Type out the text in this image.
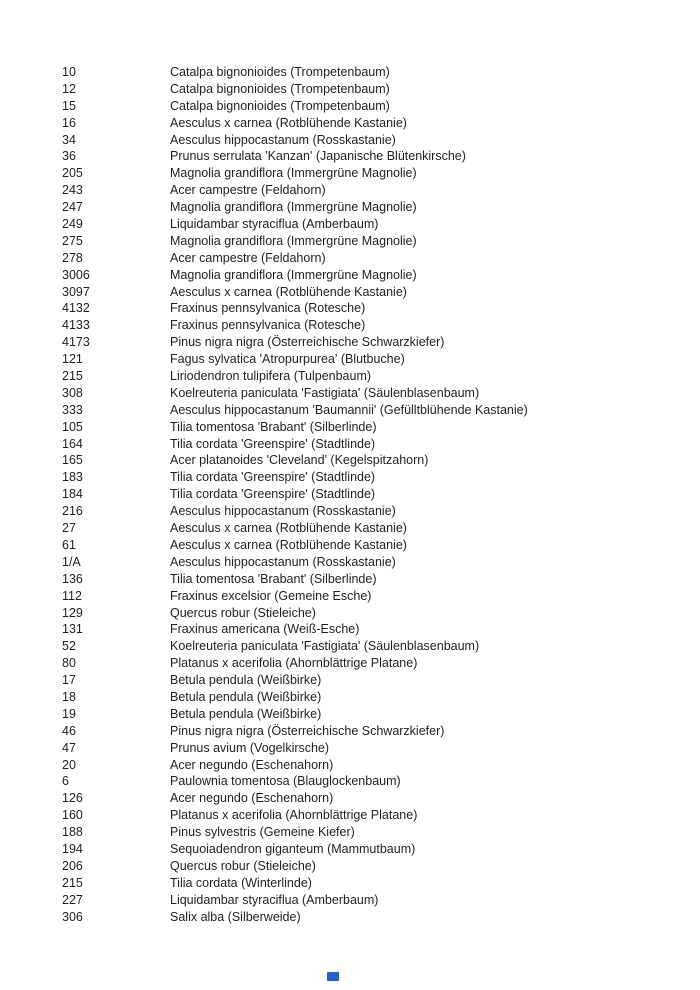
10	Catalpa bignonioides (Trompetenbaum)
12	Catalpa bignonioides (Trompetenbaum)
15	Catalpa bignonioides (Trompetenbaum)
16	Aesculus x carnea (Rotblühende Kastanie)
34	Aesculus hippocastanum (Rosskastanie)
36	Prunus serrulata 'Kanzan' (Japanische Blütenkirsche)
205	Magnolia grandiflora (Immergrüne Magnolie)
243	Acer campestre (Feldahorn)
247	Magnolia grandiflora (Immergrüne Magnolie)
249	Liquidambar styraciflua (Amberbaum)
275	Magnolia grandiflora (Immergrüne Magnolie)
278	Acer campestre (Feldahorn)
3006	Magnolia grandiflora (Immergrüne Magnolie)
3097	Aesculus x carnea (Rotblühende Kastanie)
4132	Fraxinus pennsylvanica (Rotesche)
4133	Fraxinus pennsylvanica (Rotesche)
4173	Pinus nigra nigra (Österreichische Schwarzkiefer)
121	Fagus sylvatica 'Atropurpurea' (Blutbuche)
215	Liriodendron tulipifera (Tulpenbaum)
308	Koelreuteria paniculata 'Fastigiata' (Säulenblasenbaum)
333	Aesculus hippocastanum 'Baumannii' (Gefülltblühende Kastanie)
105	Tilia tomentosa 'Brabant' (Silberlinde)
164	Tilia cordata 'Greenspire' (Stadtlinde)
165	Acer platanoides 'Cleveland' (Kegelspitzahorn)
183	Tilia cordata 'Greenspire' (Stadtlinde)
184	Tilia cordata 'Greenspire' (Stadtlinde)
216	Aesculus hippocastanum (Rosskastanie)
27	Aesculus x carnea (Rotblühende Kastanie)
61	Aesculus x carnea (Rotblühende Kastanie)
1/A	Aesculus hippocastanum (Rosskastanie)
136	Tilia tomentosa 'Brabant' (Silberlinde)
112	Fraxinus excelsior (Gemeine Esche)
129	Quercus robur (Stieleiche)
131	Fraxinus americana (Weiß-Esche)
52	Koelreuteria paniculata 'Fastigiata' (Säulenblasenbaum)
80	Platanus x acerifolia (Ahornblättrige Platane)
17	Betula pendula (Weißbirke)
18	Betula pendula (Weißbirke)
19	Betula pendula (Weißbirke)
46	Pinus nigra nigra (Österreichische Schwarzkiefer)
47	Prunus avium (Vogelkirsche)
20	Acer negundo (Eschenahorn)
6	Paulownia tomentosa (Blauglockenbaum)
126	Acer negundo (Eschenahorn)
160	Platanus x acerifolia (Ahornblättrige Platane)
188	Pinus sylvestris (Gemeine Kiefer)
194	Sequoiadendron giganteum (Mammutbaum)
206	Quercus robur (Stieleiche)
215	Tilia cordata (Winterlinde)
227	Liquidambar styraciflua (Amberbaum)
306	Salix alba (Silberweide)
